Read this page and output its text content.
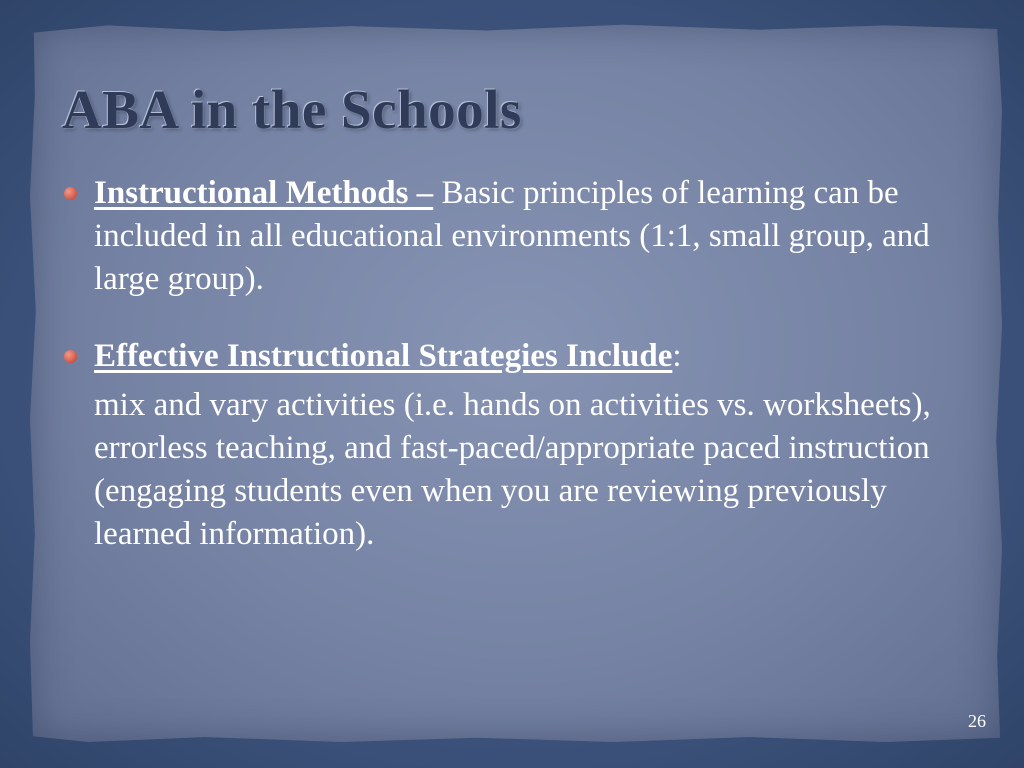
ABA in the Schools
Instructional Methods – Basic principles of learning can be included in all educational environments (1:1, small group, and large group).
Effective Instructional Strategies Include:
mix and vary activities (i.e. hands on activities vs. worksheets), errorless teaching, and fast-paced/appropriate paced instruction (engaging students even when you are reviewing previously learned information).
26
